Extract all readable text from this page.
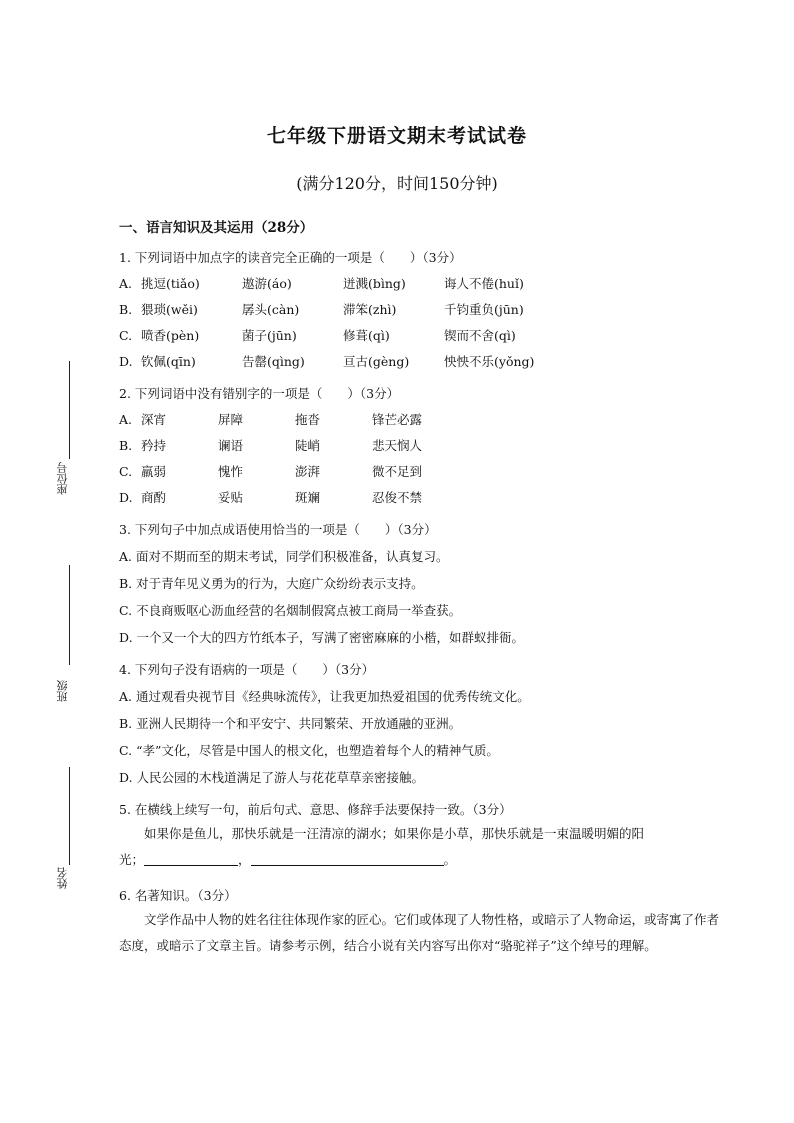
座位号
班级
姓名
七年级下册语文期末考试试卷
(满分120分，时间150分钟)
一、语言知识及其运用（28分）
1. 下列词语中加点字的读音完全正确的一项是（　　）（3分）
A. 挑逗(tiǎo)	遨游(áo)	迸溅(bìng)	诲人不倦(huǐ)
B. 猥琐(wěi)	孱头(càn)	滞笨(zhì)	千钧重负(jūn)
C. 喷香(pèn)	菌子(jūn)	修葺(qì)	锲而不舍(qì)
D. 钦佩(qīn)	告罄(qìng)	亘古(gèng)	怏怏不乐(yǒng)
2. 下列词语中没有错别字的一项是（　　）（3分）
A. 深宵	屏障	拖沓	锋芒必露
B. 矜持	谰语	陡峭	悲天悯人
C. 羸弱	愧怍	澎湃	微不足到
D. 商酌	妥贴	斑斓	忍俊不禁
3. 下列句子中加点成语使用恰当的一项是（　　）（3分）
A. 面对不期而至的期末考试，同学们积极准备，认真复习。
B. 对于青年见义勇为的行为，大庭广众纷纷表示支持。
C. 不良商贩呕心沥血经营的名烟制假窝点被工商局一举查获。
D. 一个又一个大的四方竹纸本子，写满了密密麻麻的小楷，如群蚁排衙。
4. 下列句子没有语病的一项是（　　）（3分）
A. 通过观看央视节目《经典咏流传》，让我更加热爱祖国的优秀传统文化。
B. 亚洲人民期待一个和平安宁、共同繁荣、开放通融的亚洲。
C. “孝”文化，尽管是中国人的根文化，也塑造着每个人的精神气质。
D. 人民公园的木栈道满足了游人与花花草草亲密接触。
5. 在横线上续写一句，前后句式、意思、修辞手法要保持一致。（3分）
如果你是鱼儿，那快乐就是一汪清凉的湖水；如果你是小草，那快乐就是一束温暖明媚的阳
光；	，	。
6. 名著知识。（3分）
文学作品中人物的姓名往往体现作家的匠心。它们或体现了人物性格，或暗示了人物命运，或寄寓了作者态度，或暗示了文章主旨。请参考示例，结合小说有关内容写出你对“骆驼祥子”这个绰号的理解。
